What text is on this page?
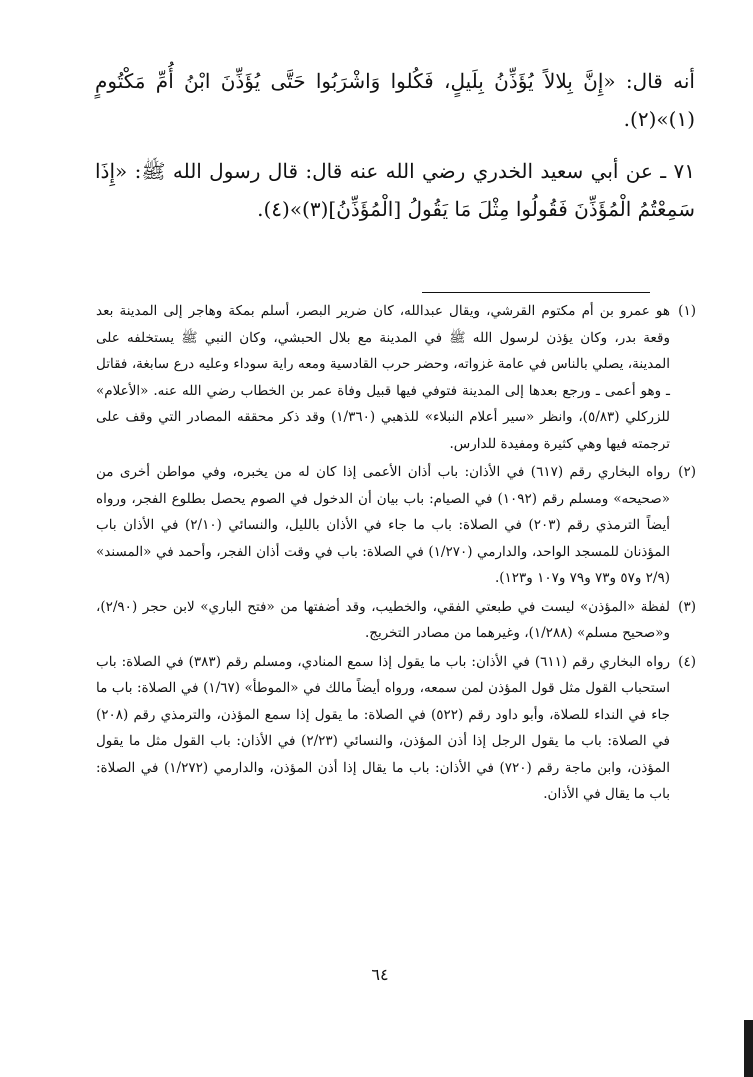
أنه قال: «إِنَّ بِلالاً يُؤَذِّنُ بِلَيلٍ، فَكُلوا وَاشْرَبُوا حَتَّى يُؤَذِّنَ ابْنُ أُمِّ مَكْتُومٍ (١)»(٢).

٧١ ـ عن أبي سعيد الخدري رضي الله عنه قال: قال رسول الله ﷺ: «إِذَا سَمِعْتُمُ الْمُؤَذِّنَ فَقُولُوا مِثْلَ مَا يَقُولُ [الْمُؤَذِّنُ](٣)»(٤).

(١)
هو عمرو بن أم مكتوم القرشي، ويقال عبدالله، كان ضرير البصر، أسلم بمكة وهاجر إلى المدينة بعد وقعة بدر، وكان يؤذن لرسول الله ﷺ في المدينة مع بلال الحبشي، وكان النبي ﷺ يستخلفه على المدينة، يصلي بالناس في عامة غزواته، وحضر حرب القادسية ومعه راية سوداء وعليه درع سابغة، فقاتل ـ وهو أعمى ـ ورجع بعدها إلى المدينة فتوفي فيها قبيل وفاة عمر بن الخطاب رضي الله عنه. «الأعلام» للزركلي (٥/٨٣)، وانظر «سير أعلام النبلاء» للذهبي (١/٣٦٠) وقد ذكر محققه المصادر التي وقف على ترجمته فيها وهي كثيرة ومفيدة للدارس.

(٢)
رواه البخاري رقم (٦١٧) في الأذان: باب أذان الأعمى إذا كان له من يخبره، وفي مواطن أخرى من «صحيحه» ومسلم رقم (١٠٩٢) في الصيام: باب بيان أن الدخول في الصوم يحصل بطلوع الفجر، ورواه أيضاً الترمذي رقم (٢٠٣) في الصلاة: باب ما جاء في الأذان بالليل، والنسائي (٢/١٠) في الأذان باب المؤذنان للمسجد الواحد، والدارمي (١/٢٧٠) في الصلاة: باب في وقت أذان الفجر، وأحمد في «المسند» (٢/٩ و٥٧ و٧٣ و٧٩ و١٠٧ و١٢٣).

(٣)
لفظة «المؤذن» ليست في طبعتي الفقي، والخطيب، وقد أضفتها من «فتح الباري» لابن حجر (٢/٩٠)، و«صحيح مسلم» (١/٢٨٨)، وغيرهما من مصادر التخريج.

(٤)
رواه البخاري رقم (٦١١) في الأذان: باب ما يقول إذا سمع المنادي، ومسلم رقم (٣٨٣) في الصلاة: باب استحباب القول مثل قول المؤذن لمن سمعه، ورواه أيضاً مالك في «الموطأ» (١/٦٧) في الصلاة: باب ما جاء في النداء للصلاة، وأبو داود رقم (٥٢٢) في الصلاة: ما يقول إذا سمع المؤذن، والترمذي رقم (٢٠٨) في الصلاة: باب ما يقول الرجل إذا أذن المؤذن، والنسائي (٢/٢٣) في الأذان: باب القول مثل ما يقول المؤذن، وابن ماجة رقم (٧٢٠) في الأذان: باب ما يقال إذا أذن المؤذن، والدارمي (١/٢٧٢) في الصلاة: باب ما يقال في الأذان.

٦٤
